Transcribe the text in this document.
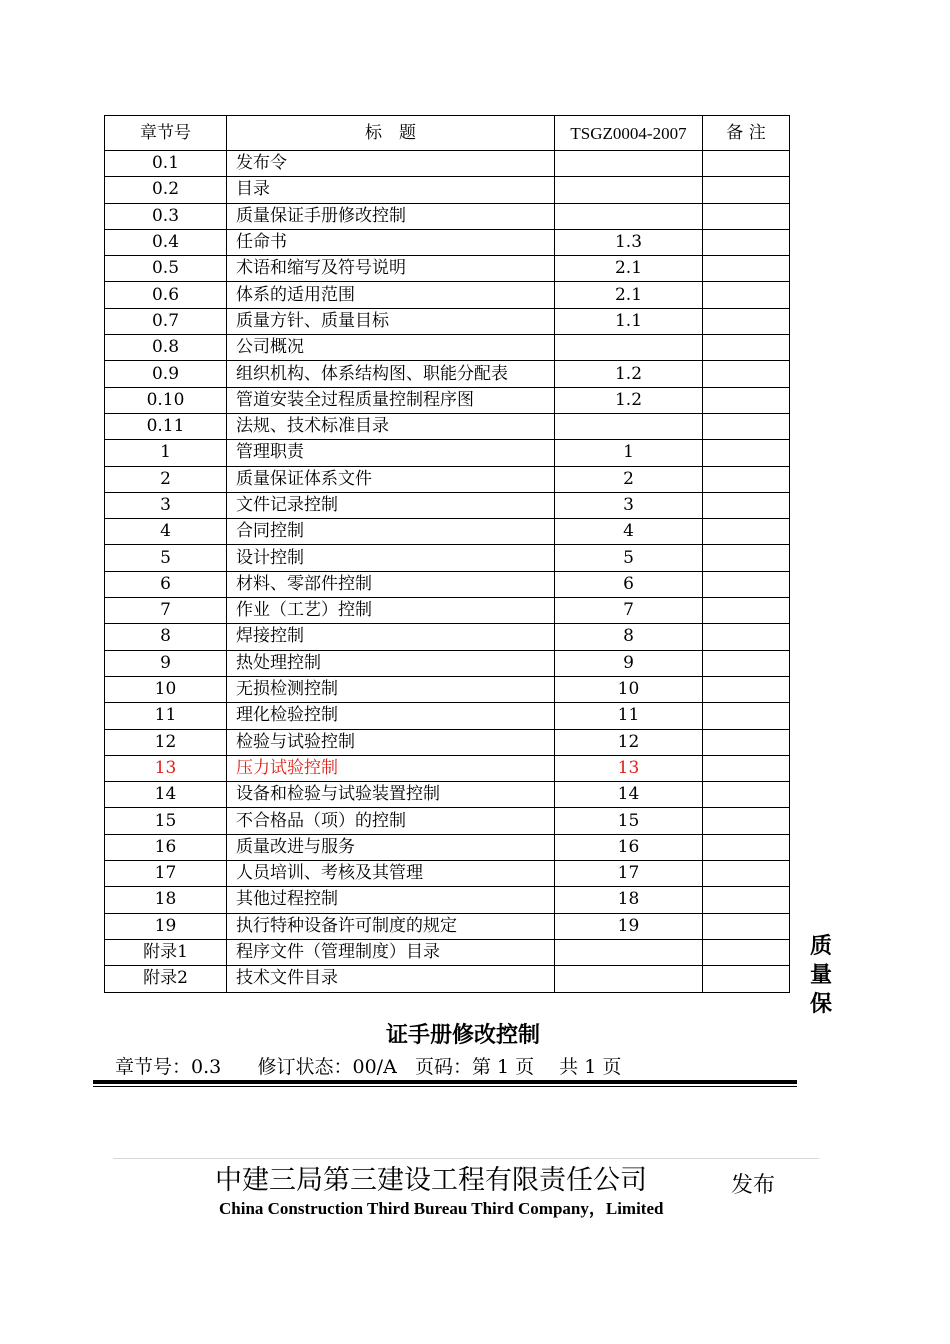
章节号	标　题	TSGZ0004-2007	备 注
0.1	发布令		
0.2	目录		
0.3	质量保证手册修改控制		
0.4	任命书	1.3	
0.5	术语和缩写及符号说明	2.1	
0.6	体系的适用范围	2.1	
0.7	质量方针、质量目标	1.1	
0.8	公司概况		
0.9	组织机构、体系结构图、职能分配表	1.2	
0.10	管道安装全过程质量控制程序图	1.2	
0.11	法规、技术标准目录		
1	管理职责	1	
2	质量保证体系文件	2	
3	文件记录控制	3	
4	合同控制	4	
5	设计控制	5	
6	材料、零部件控制	6	
7	作业（工艺）控制	7	
8	焊接控制	8	
9	热处理控制	9	
10	无损检测控制	10	
11	理化检验控制	11	
12	检验与试验控制	12	
13	压力试验控制	13	
14	设备和检验与试验装置控制	14	
15	不合格品（项）的控制	15	
16	质量改进与服务	16	
17	人员培训、考核及其管理	17	
18	其他过程控制	18	
19	执行特种设备许可制度的规定	19	
附录1	程序文件（管理制度）目录		
附录2	技术文件目录		
质
量
保
证手册修改控制
章节号：0.3 修订状态：00/A 页码：第 1 页　 共 1 页
中建三局第三建设工程有限责任公司
China Construction Third Bureau Third Company，Limited
发布
